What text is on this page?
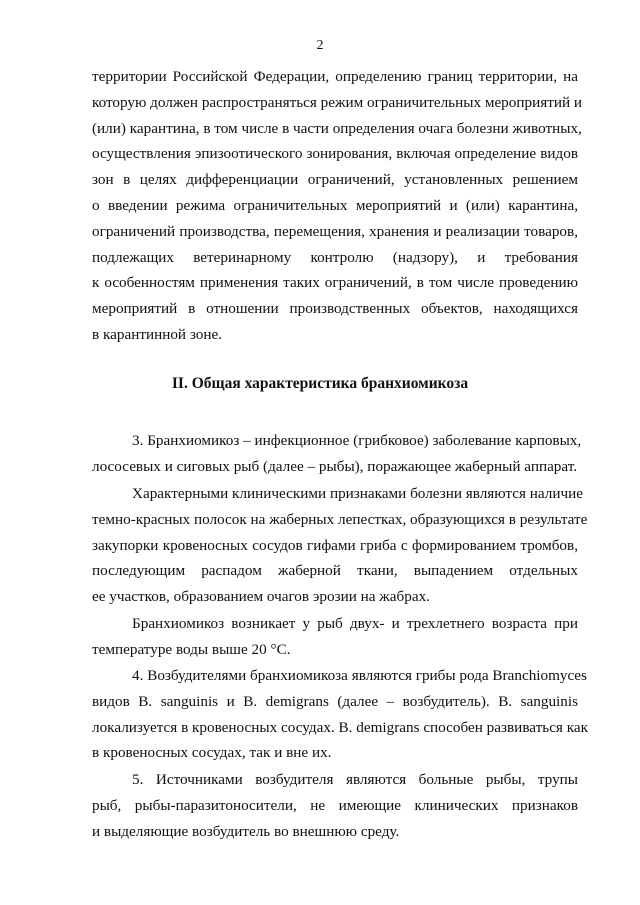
2
территории Российской Федерации, определению границ территории, на
которую должен распространяться режим ограничительных мероприятий и
(или) карантина, в том числе в части определения очага болезни животных,
осуществления эпизоотического зонирования, включая определение видов
зон в целях дифференциации ограничений, установленных решением
о введении режима ограничительных мероприятий и (или) карантина,
ограничений производства, перемещения, хранения и реализации товаров,
подлежащих ветеринарному контролю (надзору), и требования
к особенностям применения таких ограничений, в том числе проведению
мероприятий в отношении производственных объектов, находящихся
в карантинной зоне.
II. Общая характеристика бранхиомикоза
3. Бранхиомикоз – инфекционное (грибковое) заболевание карповых,
лососевых и сиговых рыб (далее – рыбы), поражающее жаберный аппарат.
Характерными клиническими признаками болезни являются наличие
темно-красных полосок на жаберных лепестках, образующихся в результате
закупорки кровеносных сосудов гифами гриба с формированием тромбов,
последующим распадом жаберной ткани, выпадением отдельных
ее участков, образованием очагов эрозии на жабрах.
Бранхиомикоз возникает у рыб двух- и трехлетнего возраста при
температуре воды выше 20 °С.
4. Возбудителями бранхиомикоза являются грибы рода Branchiomyces
видов B. sanguinis и B. demigrans (далее – возбудитель). B. sanguinis
локализуется в кровеносных сосудах. B. demigrans способен развиваться как
в кровеносных сосудах, так и вне их.
5. Источниками возбудителя являются больные рыбы, трупы
рыб, рыбы-паразитоносители, не имеющие клинических признаков
и выделяющие возбудитель во внешнюю среду.
